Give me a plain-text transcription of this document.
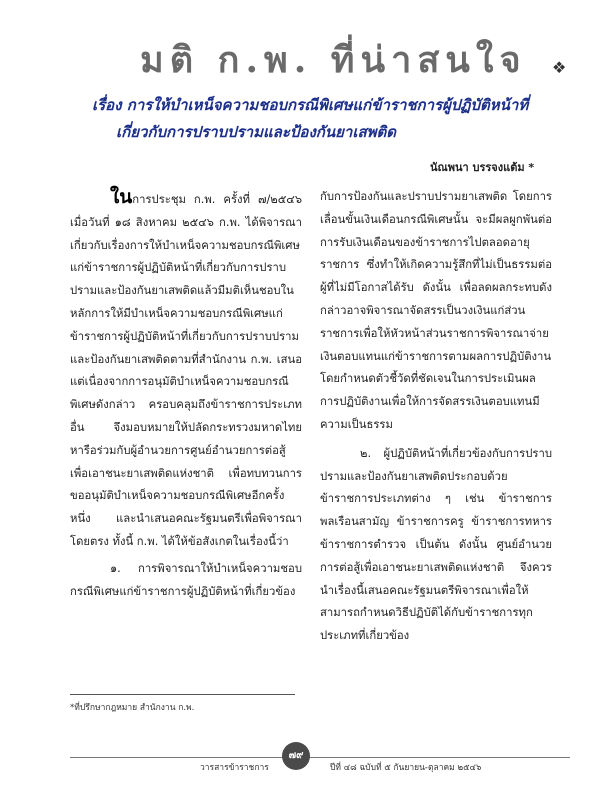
มติ ก.พ. ที่น่าสนใจ ❖
เรื่อง การให้บำเหน็จความชอบกรณีพิเศษแก่ข้าราชการผู้ปฏิบัติหน้าที่
เกี่ยวกับการปราบปรามและป้องกันยาเสพติด
นัณพนา บรรจงแต้ม *

ในการประชุม ก.พ. ครั้งที่ ๗/๒๕๔๖ เมื่อวันที่ ๑๘ สิงหาคม ๒๕๔๖ ก.พ. ได้พิจารณาเกี่ยวกับเรื่องการให้บำเหน็จความชอบกรณีพิเศษแก่ข้าราชการผู้ปฏิบัติหน้าที่เกี่ยวกับการปราบปรามและป้องกันยาเสพติดแล้วมีมติเห็นชอบในหลักการให้มีบำเหน็จความชอบกรณีพิเศษแก่ข้าราชการผู้ปฏิบัติหน้าที่เกี่ยวกับการปราบปรามและป้องกันยาเสพติดตามที่สำนักงาน ก.พ. เสนอ แต่เนื่องจากการอนุมัติบำเหน็จความชอบกรณีพิเศษดังกล่าว ครอบคลุมถึงข้าราชการประเภทอื่น จึงมอบหมายให้ปลัดกระทรวงมหาดไทยหารือร่วมกับผู้อำนวยการศูนย์อำนวยการต่อสู้เพื่อเอาชนะยาเสพติดแห่งชาติ เพื่อทบทวนการขออนุมัติบำเหน็จความชอบกรณีพิเศษอีกครั้งหนึ่ง และนำเสนอคณะรัฐมนตรีเพื่อพิจารณาโดยตรง ทั้งนี้ ก.พ. ได้ให้ข้อสังเกตในเรื่องนี้ว่า

๑. การพิจารณาให้บำเหน็จความชอบกรณีพิเศษแก่ข้าราชการผู้ปฏิบัติหน้าที่เกี่ยวข้อง

กับการป้องกันและปราบปรามยาเสพติด โดยการเลื่อนขั้นเงินเดือนกรณีพิเศษนั้น จะมีผลผูกพันต่อการรับเงินเดือนของข้าราชการไปตลอดอายุราชการ ซึ่งทำให้เกิดความรู้สึกที่ไม่เป็นธรรมต่อผู้ที่ไม่มีโอกาสได้รับ ดังนั้น เพื่อลดผลกระทบดังกล่าวอาจพิจารณาจัดสรรเป็นวงเงินแก่ส่วนราชการเพื่อให้หัวหน้าส่วนราชการพิจารณาจ่ายเงินตอบแทนแก่ข้าราชการตามผลการปฏิบัติงานโดยกำหนดตัวชี้วัดที่ชัดเจนในการประเมินผลการปฏิบัติงานเพื่อให้การจัดสรรเงินตอบแทนมีความเป็นธรรม

๒. ผู้ปฏิบัติหน้าที่เกี่ยวข้องกับการปราบปรามและป้องกันยาเสพติดประกอบด้วยข้าราชการประเภทต่าง ๆ เช่น ข้าราชการพลเรือนสามัญ ข้าราชการครู ข้าราชการทหาร ข้าราชการตำรวจ เป็นต้น ดังนั้น ศูนย์อำนวยการต่อสู้เพื่อเอาชนะยาเสพติดแห่งชาติ จึงควรนำเรื่องนี้เสนอคณะรัฐมนตรีพิจารณาเพื่อให้สามารถกำหนดวิธีปฏิบัติได้กับข้าราชการทุกประเภทที่เกี่ยวข้อง

*ที่ปรึกษากฎหมาย สำนักงาน ก.พ.
๗๙
วารสารข้าราชการ	ปีที่ ๔๘ ฉบับที่ ๕ กันยายน-ตุลาคม ๒๕๔๖
